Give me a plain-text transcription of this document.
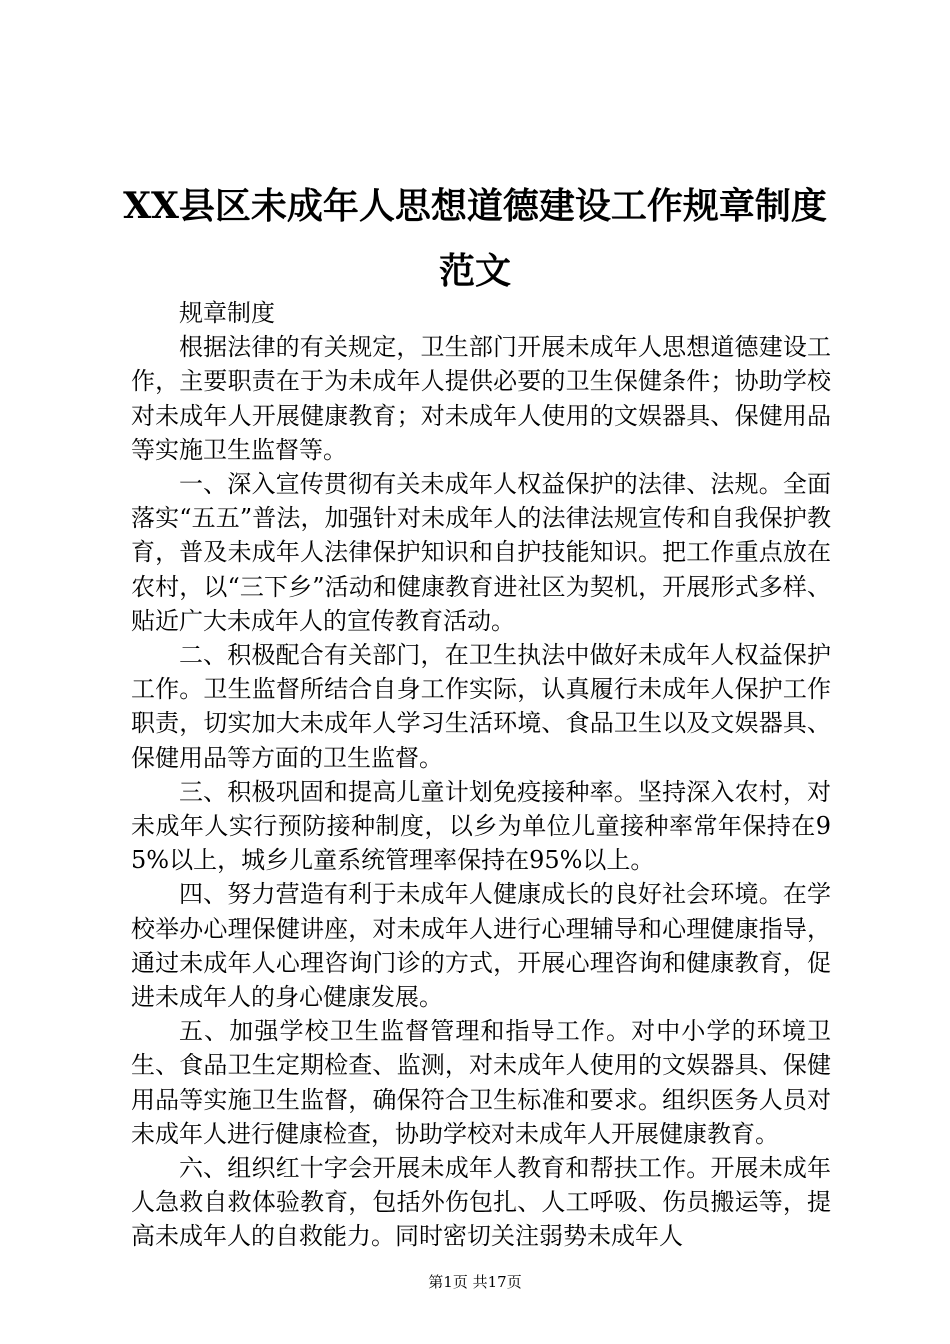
XX县区未成年人思想道德建设工作规章制度
范文

规章制度

根据法律的有关规定，卫生部门开展未成年人思想道德建设工作，主要职责在于为未成年人提供必要的卫生保健条件；协助学校对未成年人开展健康教育；对未成年人使用的文娱器具、保健用品等实施卫生监督等。

一、深入宣传贯彻有关未成年人权益保护的法律、法规。全面落实“五五”普法，加强针对未成年人的法律法规宣传和自我保护教育，普及未成年人法律保护知识和自护技能知识。把工作重点放在农村，以“三下乡”活动和健康教育进社区为契机，开展形式多样、贴近广大未成年人的宣传教育活动。

二、积极配合有关部门，在卫生执法中做好未成年人权益保护工作。卫生监督所结合自身工作实际，认真履行未成年人保护工作职责，切实加大未成年人学习生活环境、食品卫生以及文娱器具、保健用品等方面的卫生监督。

三、积极巩固和提高儿童计划免疫接种率。坚持深入农村，对未成年人实行预防接种制度，以乡为单位儿童接种率常年保持在95%以上，城乡儿童系统管理率保持在95%以上。

四、努力营造有利于未成年人健康成长的良好社会环境。在学校举办心理保健讲座，对未成年人进行心理辅导和心理健康指导，通过未成年人心理咨询门诊的方式，开展心理咨询和健康教育，促进未成年人的身心健康发展。

五、加强学校卫生监督管理和指导工作。对中小学的环境卫生、食品卫生定期检查、监测，对未成年人使用的文娱器具、保健用品等实施卫生监督，确保符合卫生标准和要求。组织医务人员对未成年人进行健康检查，协助学校对未成年人开展健康教育。

六、组织红十字会开展未成年人教育和帮扶工作。开展未成年人急救自救体验教育，包括外伤包扎、人工呼吸、伤员搬运等，提高未成年人的自救能力。同时密切关注弱势未成年人

第1页 共17页
